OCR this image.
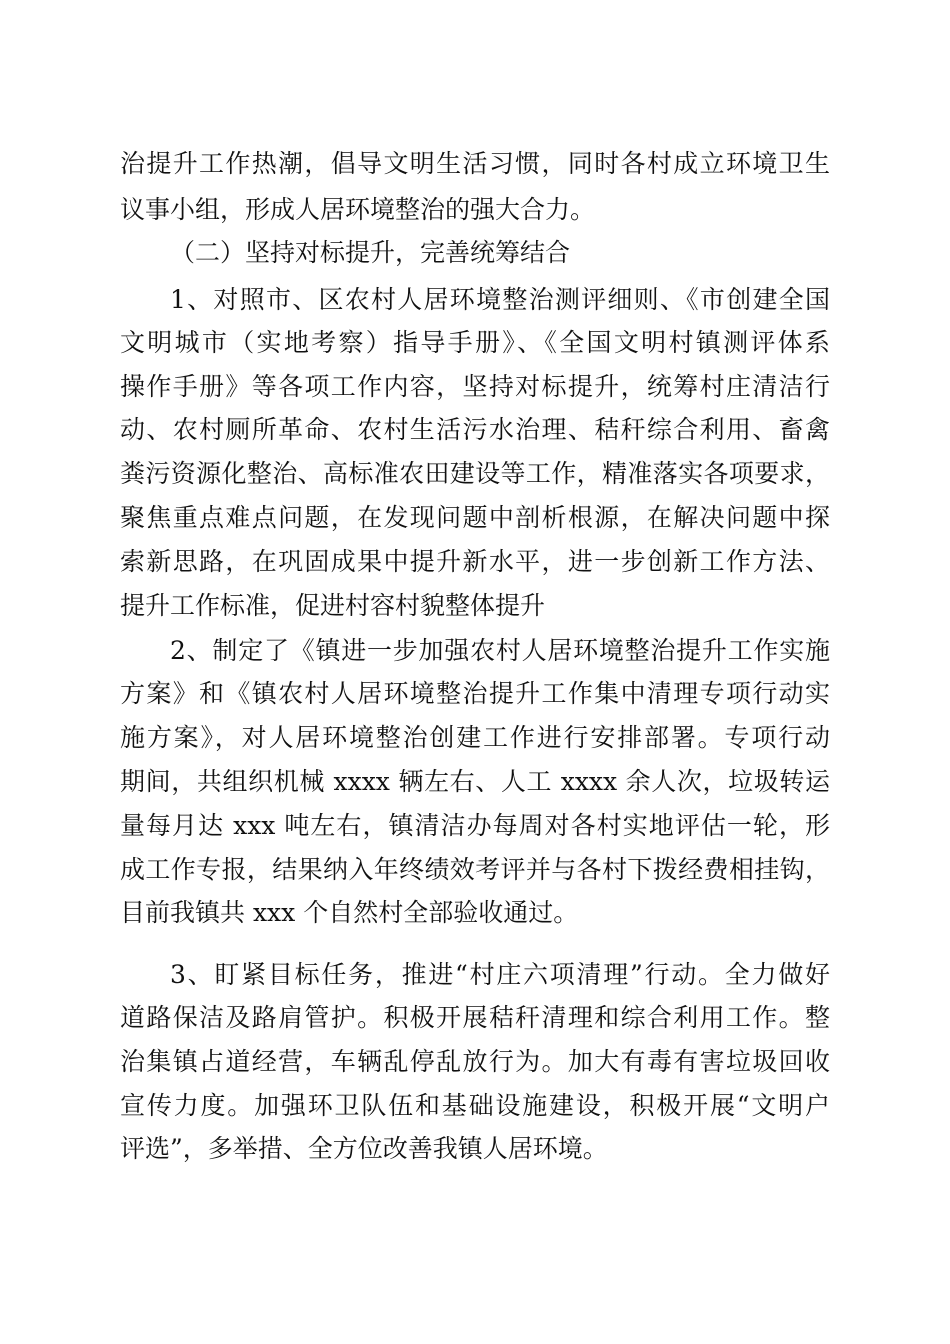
治提升工作热潮，倡导文明生活习惯，同时各村成立环境卫生
议事小组，形成人居环境整治的强大合力。
（二）坚持对标提升，完善统筹结合
1、对照市、区农村人居环境整治测评细则、《市创建全国
文明城市（实地考察）指导手册》、《全国文明村镇测评体系
操作手册》等各项工作内容，坚持对标提升，统筹村庄清洁行
动、农村厕所革命、农村生活污水治理、秸秆综合利用、畜禽
粪污资源化整治、高标准农田建设等工作，精准落实各项要求，
聚焦重点难点问题，在发现问题中剖析根源，在解决问题中探
索新思路，在巩固成果中提升新水平，进一步创新工作方法、
提升工作标准，促进村容村貌整体提升
2、制定了《镇进一步加强农村人居环境整治提升工作实施
方案》和《镇农村人居环境整治提升工作集中清理专项行动实
施方案》，对人居环境整治创建工作进行安排部署。专项行动
期间，共组织机械 xxxx 辆左右、人工 xxxx 余人次，垃圾转运
量每月达 xxx 吨左右，镇清洁办每周对各村实地评估一轮，形
成工作专报，结果纳入年终绩效考评并与各村下拨经费相挂钩，
目前我镇共 xxx 个自然村全部验收通过。
3、盯紧目标任务，推进“村庄六项清理”行动。全力做好
道路保洁及路肩管护。积极开展秸秆清理和综合利用工作。整
治集镇占道经营，车辆乱停乱放行为。加大有毒有害垃圾回收
宣传力度。加强环卫队伍和基础设施建设，积极开展“文明户
评选”，多举措、全方位改善我镇人居环境。
